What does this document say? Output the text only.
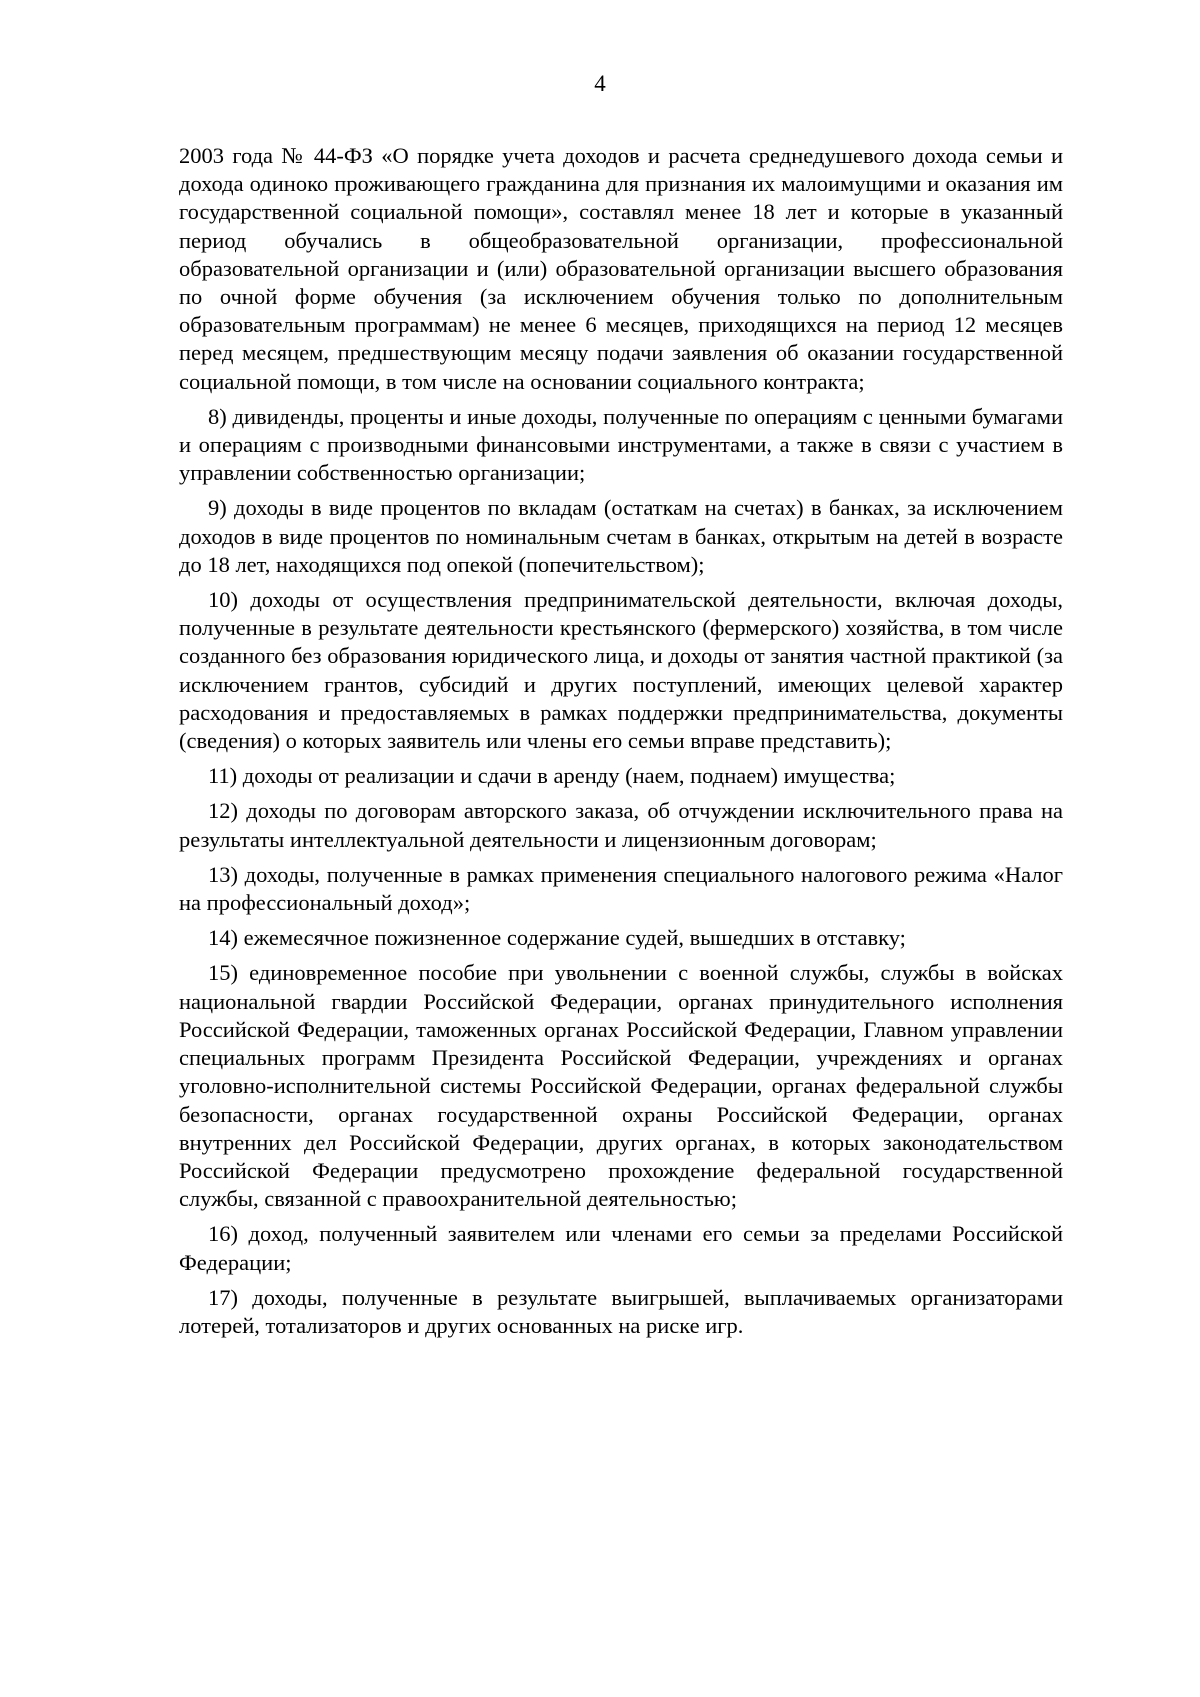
4

2003 года № 44-ФЗ «О порядке учета доходов и расчета среднедушевого дохода семьи и дохода одиноко проживающего гражданина для признания их малоимущими и оказания им государственной социальной помощи», составлял менее 18 лет и которые в указанный период обучались в общеобразовательной организации, профессиональной образовательной организации и (или) образовательной организации высшего образования по очной форме обучения (за исключением обучения только по дополнительным образовательным программам) не менее 6 месяцев, приходящихся на период 12 месяцев перед месяцем, предшествующим месяцу подачи заявления об оказании государственной социальной помощи, в том числе на основании социального контракта;

8) дивиденды, проценты и иные доходы, полученные по операциям с ценными бумагами и операциям с производными финансовыми инструментами, а также в связи с участием в управлении собственностью организации;

9) доходы в виде процентов по вкладам (остаткам на счетах) в банках, за исключением доходов в виде процентов по номинальным счетам в банках, открытым на детей в возрасте до 18 лет, находящихся под опекой (попечительством);

10) доходы от осуществления предпринимательской деятельности, включая доходы, полученные в результате деятельности крестьянского (фермерского) хозяйства, в том числе созданного без образования юридического лица, и доходы от занятия частной практикой (за исключением грантов, субсидий и других поступлений, имеющих целевой характер расходования и предоставляемых в рамках поддержки предпринимательства, документы (сведения) о которых заявитель или члены его семьи вправе представить);

11) доходы от реализации и сдачи в аренду (наем, поднаем) имущества;

12) доходы по договорам авторского заказа, об отчуждении исключительного права на результаты интеллектуальной деятельности и лицензионным договорам;

13) доходы, полученные в рамках применения специального налогового режима «Налог на профессиональный доход»;

14) ежемесячное пожизненное содержание судей, вышедших в отставку;

15) единовременное пособие при увольнении с военной службы, службы в войсках национальной гвардии Российской Федерации, органах принудительного исполнения Российской Федерации, таможенных органах Российской Федерации, Главном управлении специальных программ Президента Российской Федерации, учреждениях и органах уголовно-исполнительной системы Российской Федерации, органах федеральной службы безопасности, органах государственной охраны Российской Федерации, органах внутренних дел Российской Федерации, других органах, в которых законодательством Российской Федерации предусмотрено прохождение федеральной государственной службы, связанной с правоохранительной деятельностью;

16) доход, полученный заявителем или членами его семьи за пределами Российской Федерации;

17) доходы, полученные в результате выигрышей, выплачиваемых организаторами лотерей, тотализаторов и других основанных на риске игр.
